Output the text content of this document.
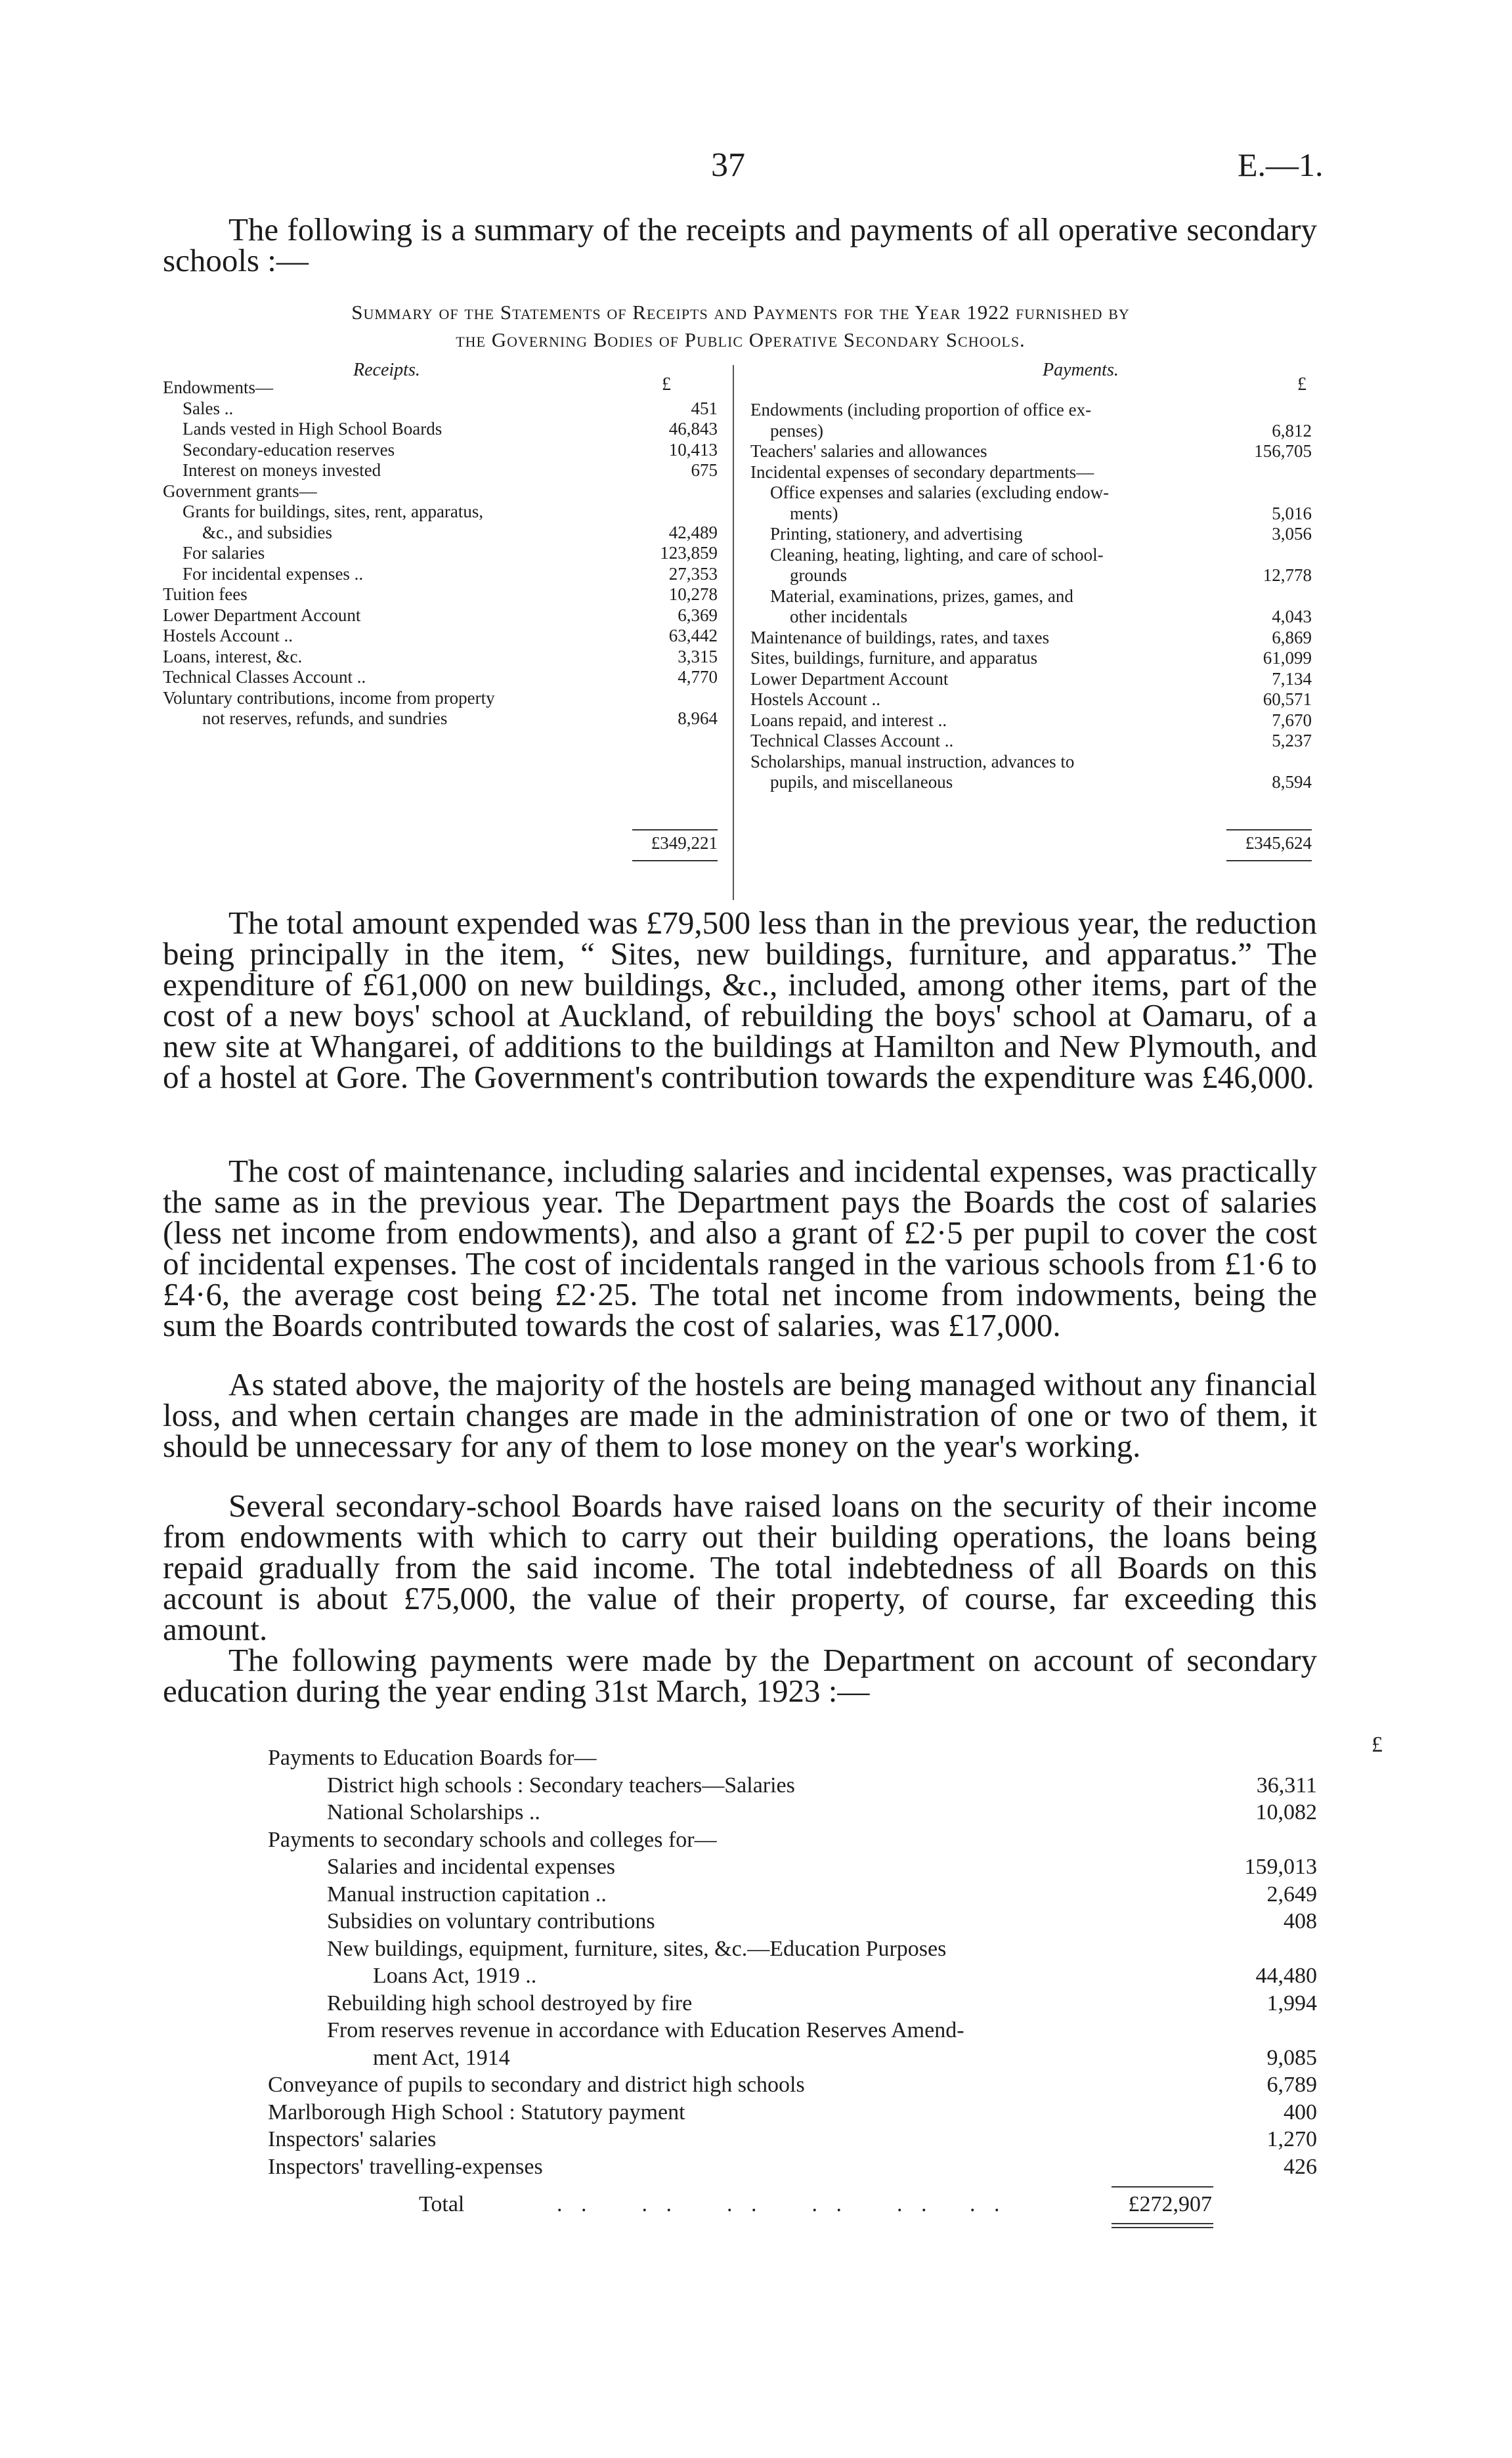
37	E.—1.
The following is a summary of the receipts and payments of all operative secondary schools :—
Summary of the Statements of Receipts and Payments for the Year 1922 furnished by
the Governing Bodies of Public Operative Secondary Schools.
Receipts.
£
Payments.
£
Endowments—
Sales ..	451
Lands vested in High School Boards	46,843
Secondary-education reserves	10,413
Interest on moneys invested	675
Government grants—
Grants for buildings, sites, rent, apparatus,
&c., and subsidies	42,489
For salaries	123,859
For incidental expenses ..	27,353
Tuition fees	10,278
Lower Department Account	6,369
Hostels Account ..	63,442
Loans, interest, &c.	3,315
Technical Classes Account ..	4,770
Voluntary contributions, income from property
not reserves, refunds, and sundries	8,964
£349,221
Endowments (including proportion of office ex-
penses)	6,812
Teachers' salaries and allowances	156,705
Incidental expenses of secondary departments—
Office expenses and salaries (excluding endow-
ments)	5,016
Printing, stationery, and advertising	3,056
Cleaning, heating, lighting, and care of school-
grounds	12,778
Material, examinations, prizes, games, and
other incidentals	4,043
Maintenance of buildings, rates, and taxes	6,869
Sites, buildings, furniture, and apparatus	61,099
Lower Department Account	7,134
Hostels Account ..	60,571
Loans repaid, and interest ..	7,670
Technical Classes Account ..	5,237
Scholarships, manual instruction, advances to
pupils, and miscellaneous	8,594
£345,624
The total amount expended was £79,500 less than in the previous year, the reduction being principally in the item, “ Sites, new buildings, furniture, and apparatus.” The expenditure of £61,000 on new buildings, &c., included, among other items, part of the cost of a new boys' school at Auckland, of rebuilding the boys' school at Oamaru, of a new site at Whangarei, of additions to the buildings at Hamilton and New Plymouth, and of a hostel at Gore. The Government's contribution towards the expenditure was £46,000.
The cost of maintenance, including salaries and incidental expenses, was practically the same as in the previous year. The Department pays the Boards the cost of salaries (less net income from endowments), and also a grant of £2·5 per pupil to cover the cost of incidental expenses. The cost of incidentals ranged in the various schools from £1·6 to £4·6, the average cost being £2·25. The total net income from indowments, being the sum the Boards contributed towards the cost of salaries, was £17,000.
As stated above, the majority of the hostels are being managed without any financial loss, and when certain changes are made in the administration of one or two of them, it should be unnecessary for any of them to lose money on the year's working.
Several secondary-school Boards have raised loans on the security of their income from endowments with which to carry out their building operations, the loans being repaid gradually from the said income. The total indebtedness of all Boards on this account is about £75,000, the value of their property, of course, far exceeding this amount.
The following payments were made by the Department on account of secondary education during the year ending 31st March, 1923 :—
£
Payments to Education Boards for—
District high schools : Secondary teachers—Salaries	36,311
National Scholarships ..	10,082
Payments to secondary schools and colleges for—
Salaries and incidental expenses	159,013
Manual instruction capitation ..	2,649
Subsidies on voluntary contributions	408
New buildings, equipment, furniture, sites, &c.—Education Purposes
Loans Act, 1919 ..	44,480
Rebuilding high school destroyed by fire	1,994
From reserves revenue in accordance with Education Reserves Amend-
ment Act, 1914	9,085
Conveyance of pupils to secondary and district high schools	6,789
Marlborough High School : Statutory payment	400
Inspectors' salaries	1,270
Inspectors' travelling-expenses	426
Total	. .    . .    . .    . .    . .   . .	£272,907
